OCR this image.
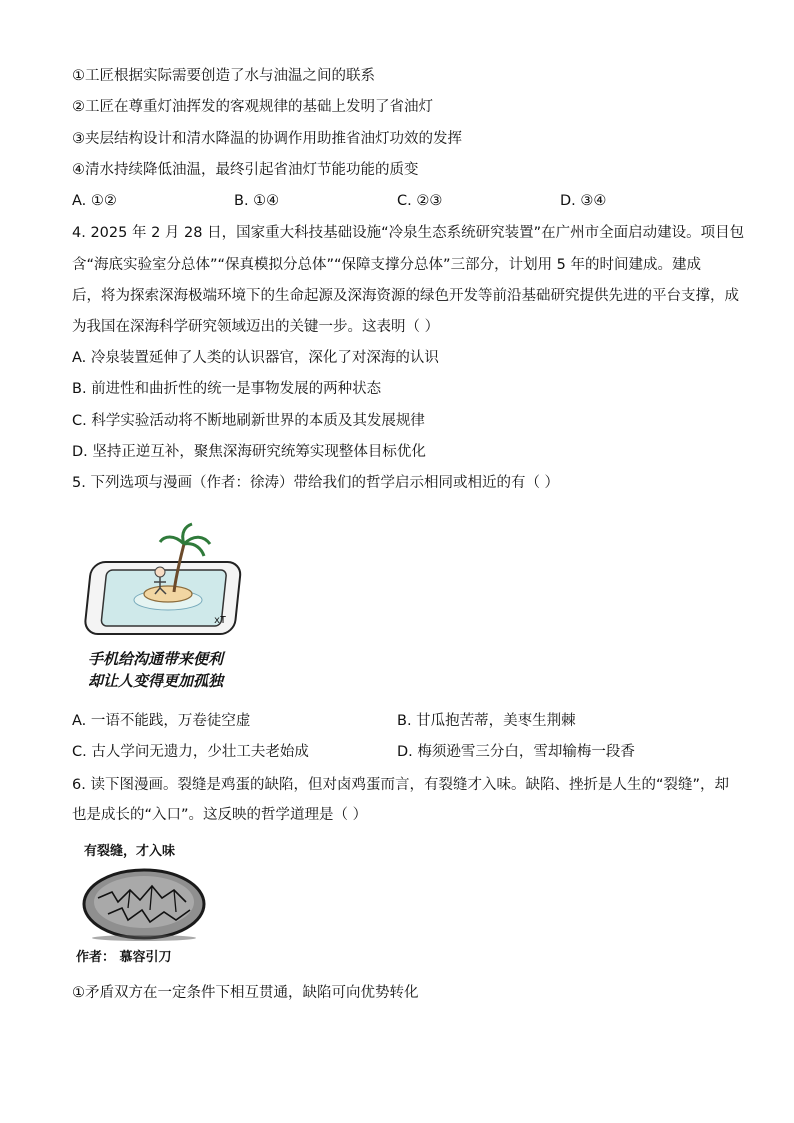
①工匠根据实际需要创造了水与油温之间的联系
②工匠在尊重灯油挥发的客观规律的基础上发明了省油灯
③夹层结构设计和清水降温的协调作用助推省油灯功效的发挥
④清水持续降低油温，最终引起省油灯节能功能的质变
A. ①②	B. ①④	C. ②③	D. ③④
4. 2025 年 2 月 28 日，国家重大科技基础设施“冷泉生态系统研究装置”在广州市全面启动建设。项目包
含“海底实验室分总体”“保真模拟分总体”“保障支撑分总体”三部分，计划用 5 年的时间建成。建成
后，将为探索深海极端环境下的生命起源及深海资源的绿色开发等前沿基础研究提供先进的平台支撑，成
为我国在深海科学研究领域迈出的关键一步。这表明（ ）
A. 冷泉装置延伸了人类的认识器官，深化了对深海的认识
B. 前进性和曲折性的统一是事物发展的两种状态
C. 科学实验活动将不断地刷新世界的本质及其发展规律
D. 坚持正逆互补，聚焦深海研究统筹实现整体目标优化
5. 下列选项与漫画（作者：徐涛）带给我们的哲学启示相同或相近的有（ ）
xT
手机给沟通带来便利
却让人变得更加孤独
A. 一语不能践，万卷徒空虚	B. 甘瓜抱苦蒂，美枣生荆棘
C. 古人学问无遗力，少壮工夫老始成	D. 梅须逊雪三分白，雪却输梅一段香
6. 读下图漫画。裂缝是鸡蛋的缺陷，但对卤鸡蛋而言，有裂缝才入味。缺陷、挫折是人生的“裂缝”，却
也是成长的“入口”。这反映的哲学道理是（ ）
有裂缝，才入味
作者： 慕容引刀
①矛盾双方在一定条件下相互贯通，缺陷可向优势转化
